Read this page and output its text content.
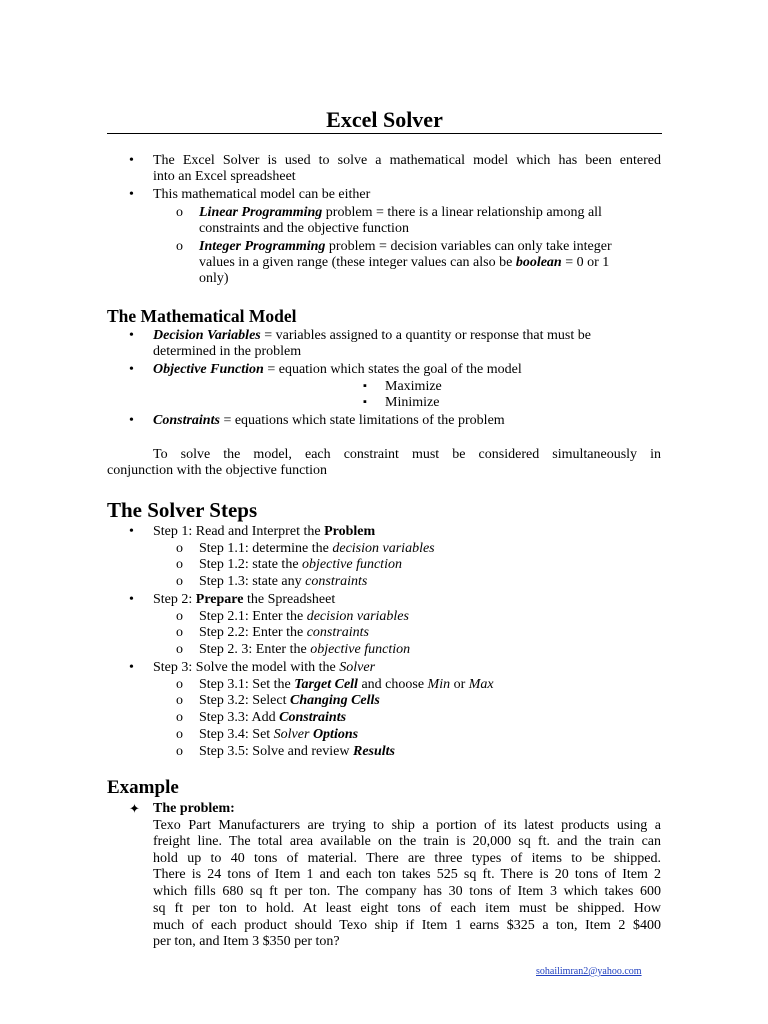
Excel Solver
• The Excel Solver is used to solve a mathematical model which has been entered
into an Excel spreadsheet
• This mathematical model can be either
o Linear Programming problem = there is a linear relationship among all
constraints and the objective function
o Integer Programming problem = decision variables can only take integer
values in a given range (these integer values can also be boolean = 0 or 1
only)
The Mathematical Model
• Decision Variables = variables assigned to a quantity or response that must be
determined in the problem
• Objective Function = equation which states the goal of the model
▪ Maximize
▪ Minimize
• Constraints = equations which state limitations of the problem
To solve the model, each constraint must be considered simultaneously in
conjunction with the objective function
The Solver Steps
• Step 1: Read and Interpret the Problem
o Step 1.1: determine the decision variables
o Step 1.2: state the objective function
o Step 1.3: state any constraints
• Step 2: Prepare the Spreadsheet
o Step 2.1: Enter the decision variables
o Step 2.2: Enter the constraints
o Step 2. 3: Enter the objective function
• Step 3: Solve the model with the Solver
o Step 3.1: Set the Target Cell and choose Min or Max
o Step 3.2: Select Changing Cells
o Step 3.3: Add Constraints
o Step 3.4: Set Solver Options
o Step 3.5: Solve and review Results
Example
✦ The problem:
Texo Part Manufacturers are trying to ship a portion of its latest products using a
freight line. The total area available on the train is 20,000 sq ft. and the train can
hold up to 40 tons of material. There are three types of items to be shipped.
There is 24 tons of Item 1 and each ton takes 525 sq ft. There is 20 tons of Item 2
which fills 680 sq ft per ton. The company has 30 tons of Item 3 which takes 600
sq ft per ton to hold. At least eight tons of each item must be shipped. How
much of each product should Texo ship if Item 1 earns $325 a ton, Item 2 $400
per ton, and Item 3 $350 per ton?
sohailimran2@yahoo.com
